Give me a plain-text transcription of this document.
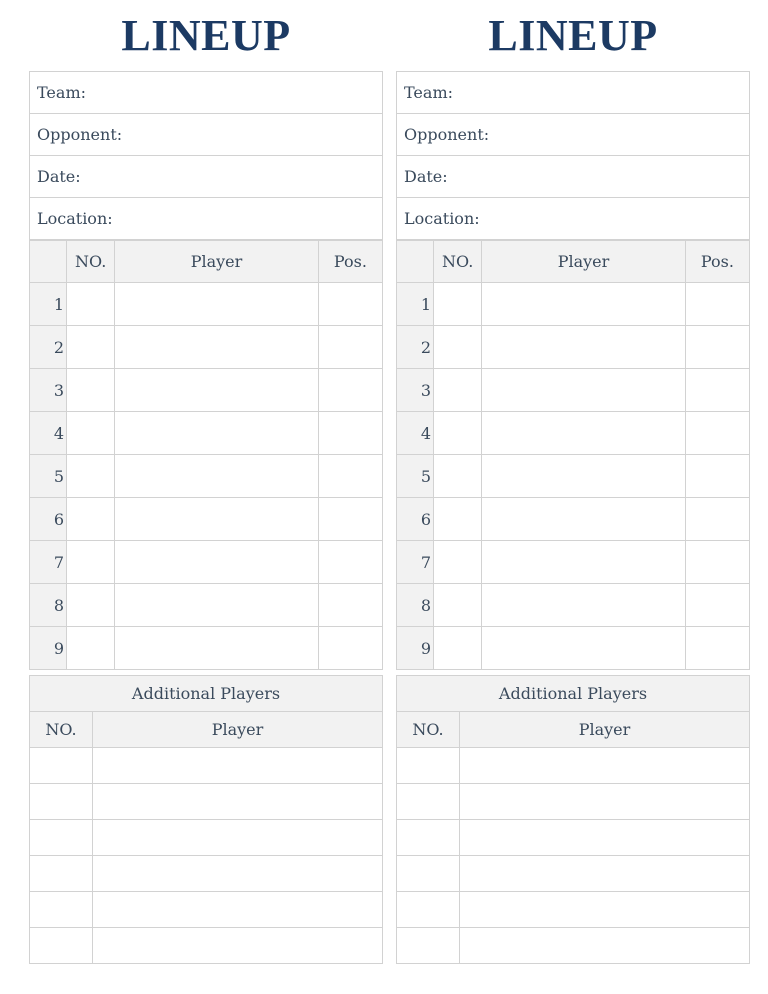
LINEUP
Team:
Opponent:
Date:
Location:
	NO.	Player	Pos.
1			
2			
3			
4			
5			
6			
7			
8			
9			
Additional Players	
NO.	Player

LINEUP
Team:
Opponent:
Date:
Location:
	NO.	Player	Pos.
1			
2			
3			
4			
5			
6			
7			
8			
9			
Additional Players	
NO.	Player
